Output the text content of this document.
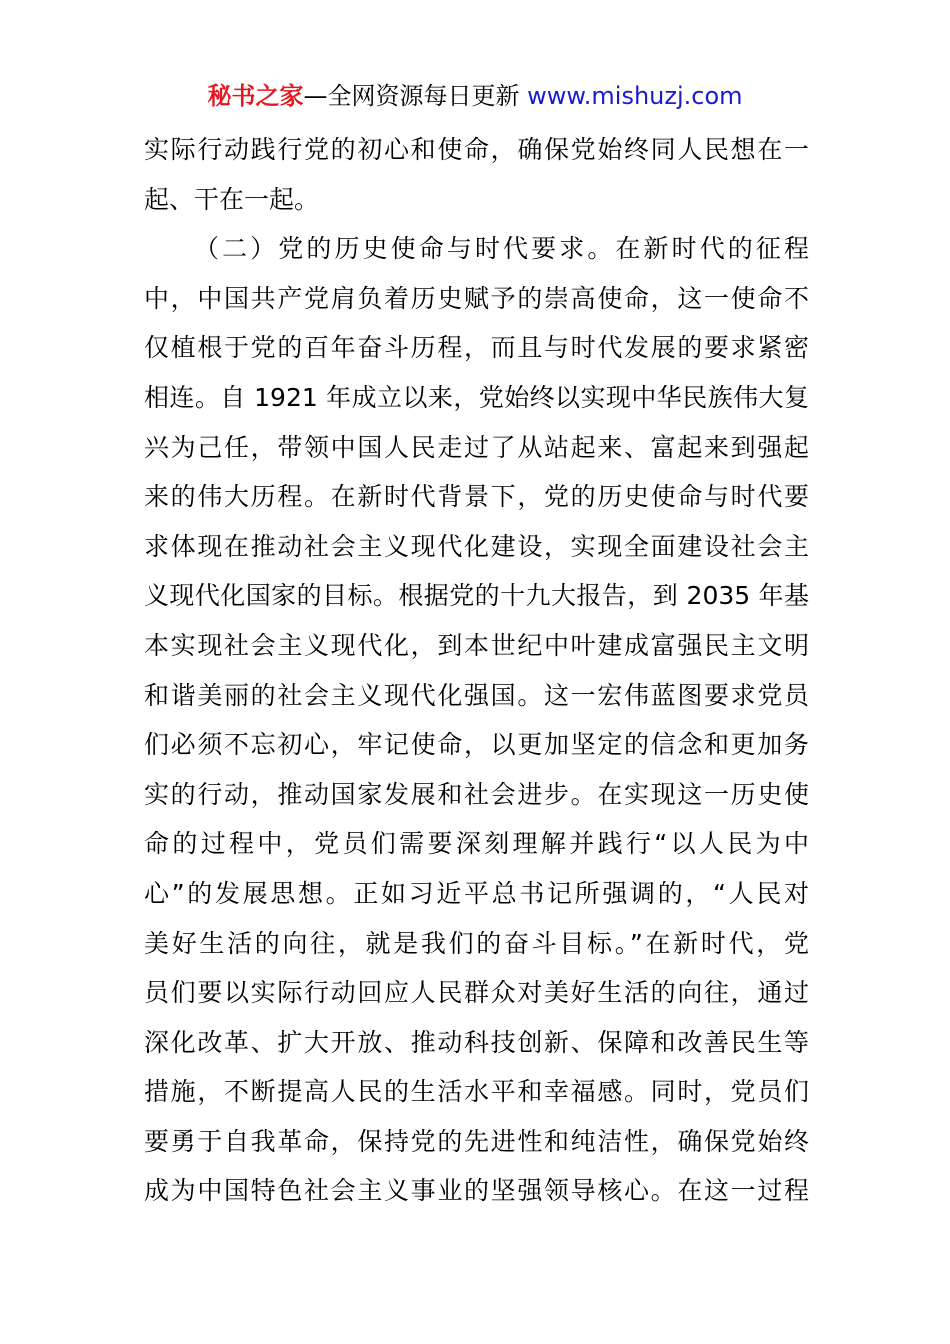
秘书之家—全网资源每日更新 www.mishuzj.com
实际行动践行党的初心和使命，确保党始终同人民想在一
起、干在一起。
（二）党的历史使命与时代要求。在新时代的征程
中，中国共产党肩负着历史赋予的崇高使命，这一使命不
仅植根于党的百年奋斗历程，而且与时代发展的要求紧密
相连。自 1921 年成立以来，党始终以实现中华民族伟大复
兴为己任，带领中国人民走过了从站起来、富起来到强起
来的伟大历程。在新时代背景下，党的历史使命与时代要
求体现在推动社会主义现代化建设，实现全面建设社会主
义现代化国家的目标。根据党的十九大报告，到 2035 年基
本实现社会主义现代化，到本世纪中叶建成富强民主文明
和谐美丽的社会主义现代化强国。这一宏伟蓝图要求党员
们必须不忘初心，牢记使命，以更加坚定的信念和更加务
实的行动，推动国家发展和社会进步。在实现这一历史使
命的过程中，党员们需要深刻理解并践行“以人民为中
心”的发展思想。正如习近平总书记所强调的，“人民对
美好生活的向往，就是我们的奋斗目标。”在新时代，党
员们要以实际行动回应人民群众对美好生活的向往，通过
深化改革、扩大开放、推动科技创新、保障和改善民生等
措施，不断提高人民的生活水平和幸福感。同时，党员们
要勇于自我革命，保持党的先进性和纯洁性，确保党始终
成为中国特色社会主义事业的坚强领导核心。在这一过程
